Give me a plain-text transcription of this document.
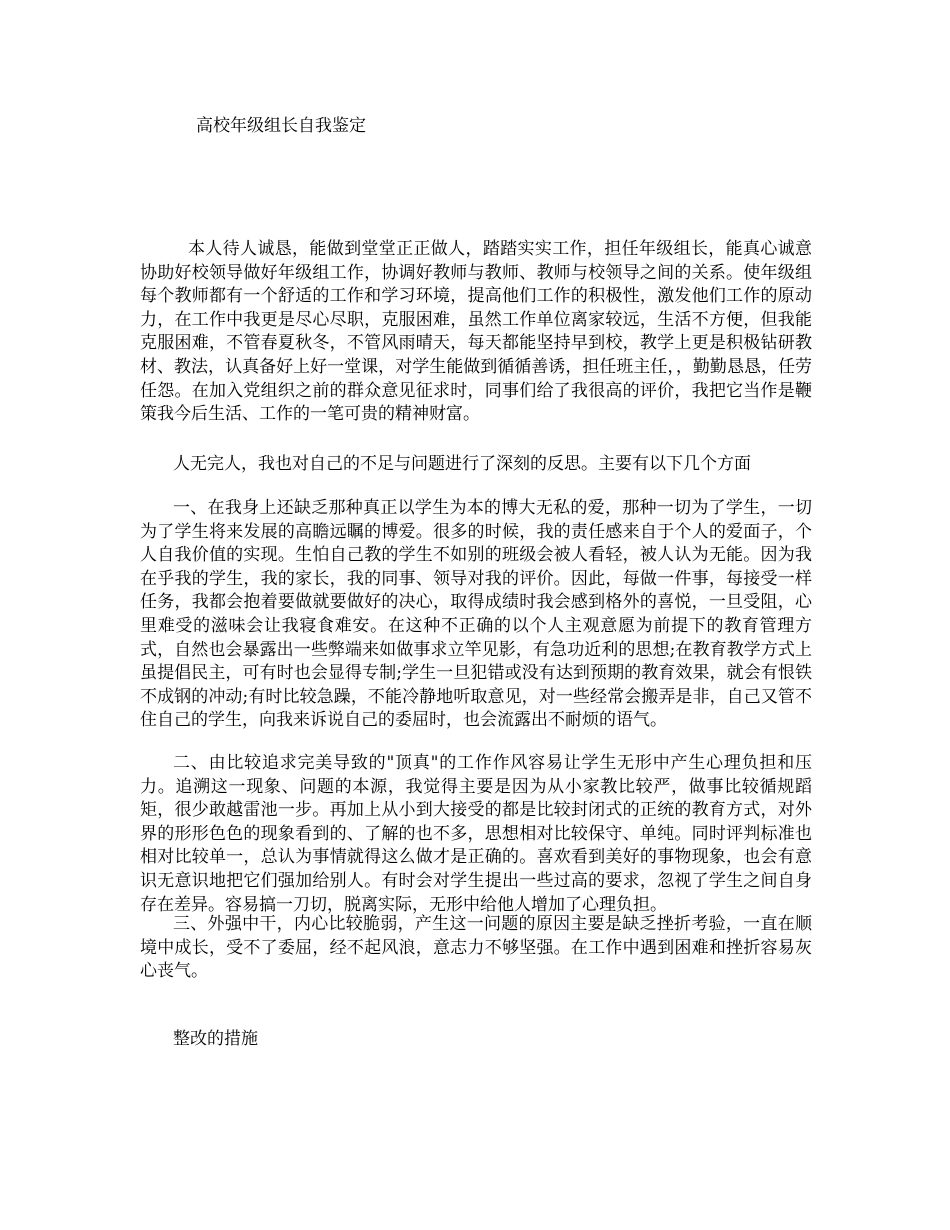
高校年级组长自我鉴定

本人待人诚恳，能做到堂堂正正做人，踏踏实实工作，担任年级组长，能真心诚意协助好校领导做好年级组工作，协调好教师与教师、教师与校领导之间的关系。使年级组每个教师都有一个舒适的工作和学习环境，提高他们工作的积极性，激发他们工作的原动力，在工作中我更是尽心尽职，克服困难，虽然工作单位离家较远，生活不方便，但我能克服困难，不管春夏秋冬，不管风雨晴天，每天都能坚持早到校，教学上更是积极钻研教材、教法，认真备好上好一堂课，对学生能做到循循善诱，担任班主任，，勤勤恳恳，任劳任怨。在加入党组织之前的群众意见征求时，同事们给了我很高的评价，我把它当作是鞭策我今后生活、工作的一笔可贵的精神财富。

人无完人，我也对自己的不足与问题进行了深刻的反思。主要有以下几个方面

一、在我身上还缺乏那种真正以学生为本的博大无私的爱，那种一切为了学生，一切为了学生将来发展的高瞻远瞩的博爱。很多的时候，我的责任感来自于个人的爱面子，个人自我价值的实现。生怕自己教的学生不如别的班级会被人看轻，被人认为无能。因为我在乎我的学生，我的家长，我的同事、领导对我的评价。因此，每做一件事，每接受一样任务，我都会抱着要做就要做好的决心，取得成绩时我会感到格外的喜悦，一旦受阻，心里难受的滋味会让我寝食难安。在这种不正确的以个人主观意愿为前提下的教育管理方式，自然也会暴露出一些弊端来如做事求立竿见影，有急功近利的思想;在教育教学方式上虽提倡民主，可有时也会显得专制;学生一旦犯错或没有达到预期的教育效果，就会有恨铁不成钢的冲动;有时比较急躁，不能冷静地听取意见，对一些经常会搬弄是非，自己又管不住自己的学生，向我来诉说自己的委屈时，也会流露出不耐烦的语气。

二、由比较追求完美导致的"顶真"的工作作风容易让学生无形中产生心理负担和压力。追溯这一现象、问题的本源，我觉得主要是因为从小家教比较严，做事比较循规蹈矩，很少敢越雷池一步。再加上从小到大接受的都是比较封闭式的正统的教育方式，对外界的形形色色的现象看到的、了解的也不多，思想相对比较保守、单纯。同时评判标准也相对比较单一，总认为事情就得这么做才是正确的。喜欢看到美好的事物现象，也会有意识无意识地把它们强加给别人。有时会对学生提出一些过高的要求，忽视了学生之间自身存在差异。容易搞一刀切，脱离实际，无形中给他人增加了心理负担。

三、外强中干，内心比较脆弱，产生这一问题的原因主要是缺乏挫折考验，一直在顺境中成长，受不了委屈，经不起风浪，意志力不够坚强。在工作中遇到困难和挫折容易灰心丧气。

整改的措施
